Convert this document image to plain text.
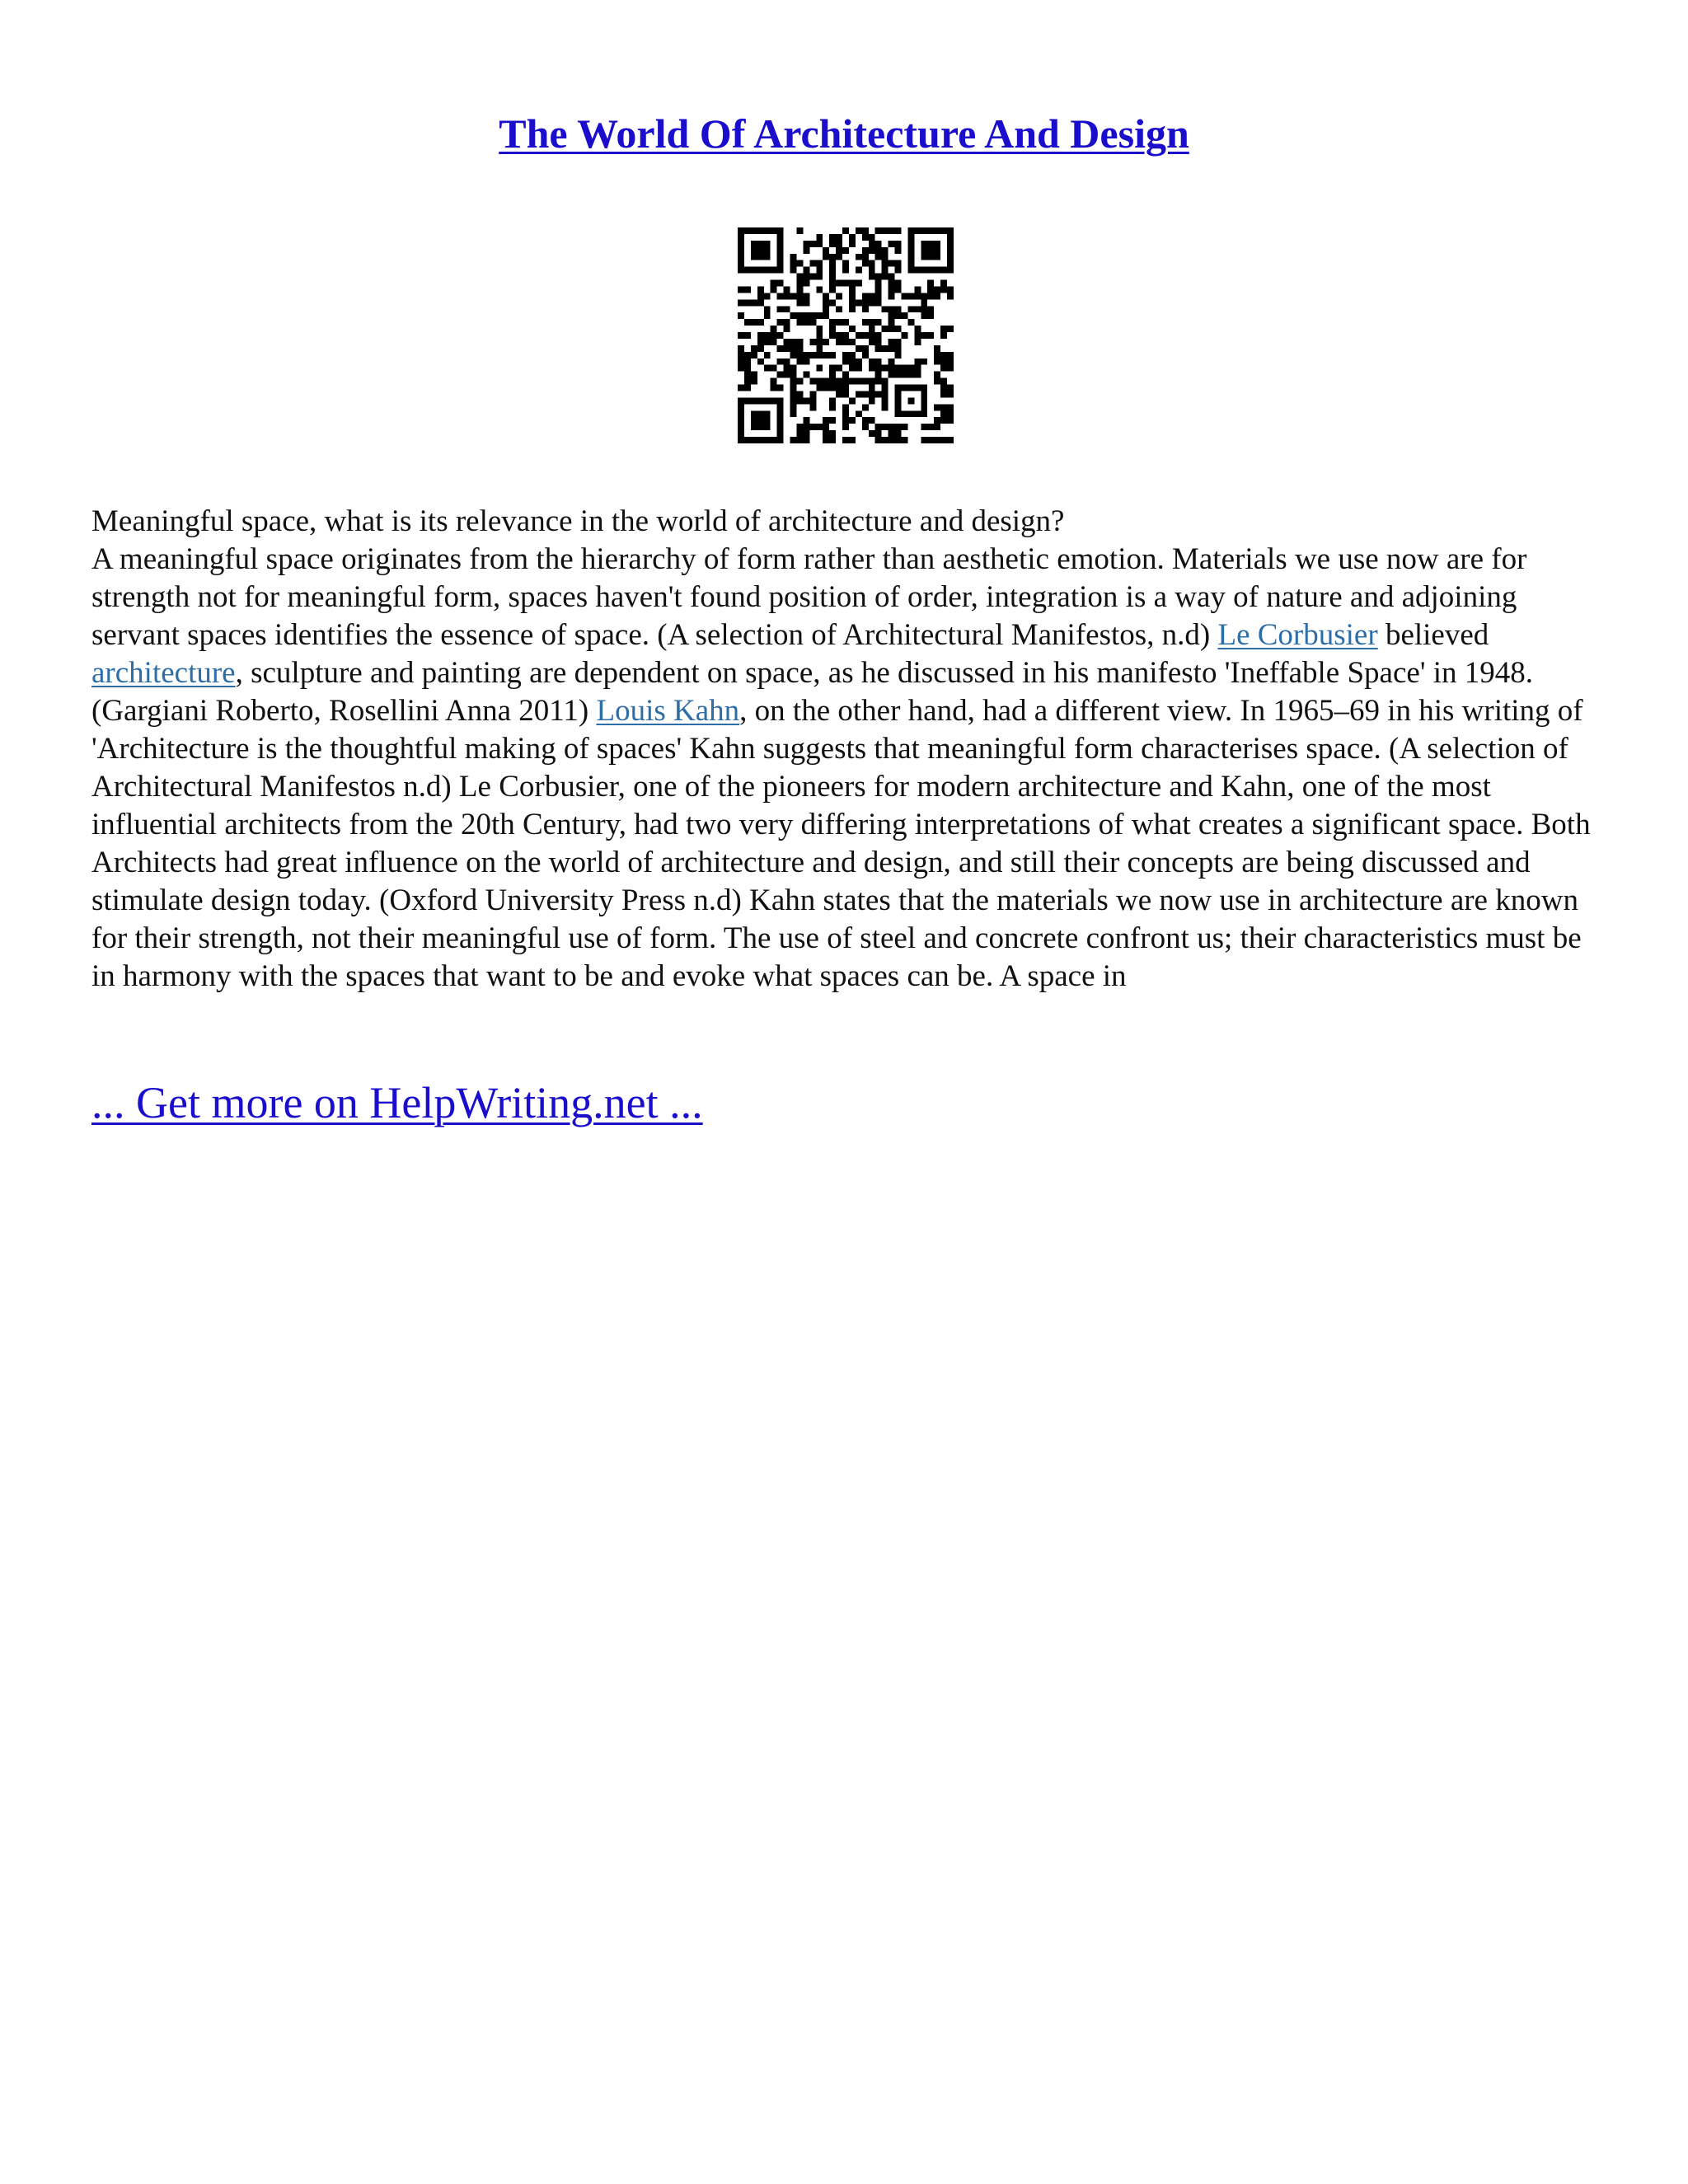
The World Of Architecture And Design

Meaningful space, what is its relevance in the world of architecture and design?

A meaningful space originates from the hierarchy of form rather than aesthetic emotion. Materials we use now are for strength not for meaningful form, spaces haven't found position of order, integration is a way of nature and adjoining servant spaces identifies the essence of space. (A selection of Architectural Manifestos, n.d) Le Corbusier believed architecture, sculpture and painting are dependent on space, as he discussed in his manifesto 'Ineffable Space' in 1948. (Gargiani Roberto, Rosellini Anna 2011) Louis Kahn, on the other hand, had a different view. In 1965–69 in his writing of 'Architecture is the thoughtful making of spaces' Kahn suggests that meaningful form characterises space. (A selection of Architectural Manifestos n.d) Le Corbusier, one of the pioneers for modern architecture and Kahn, one of the most influential architects from the 20th Century, had two very differing interpretations of what creates a significant space. Both Architects had great influence on the world of architecture and design, and still their concepts are being discussed and stimulate design today. (Oxford University Press n.d) Kahn states that the materials we now use in architecture are known for their strength, not their meaningful use of form. The use of steel and concrete confront us; their characteristics must be in harmony with the spaces that want to be and evoke what spaces can be. A space in

... Get more on HelpWriting.net ...
